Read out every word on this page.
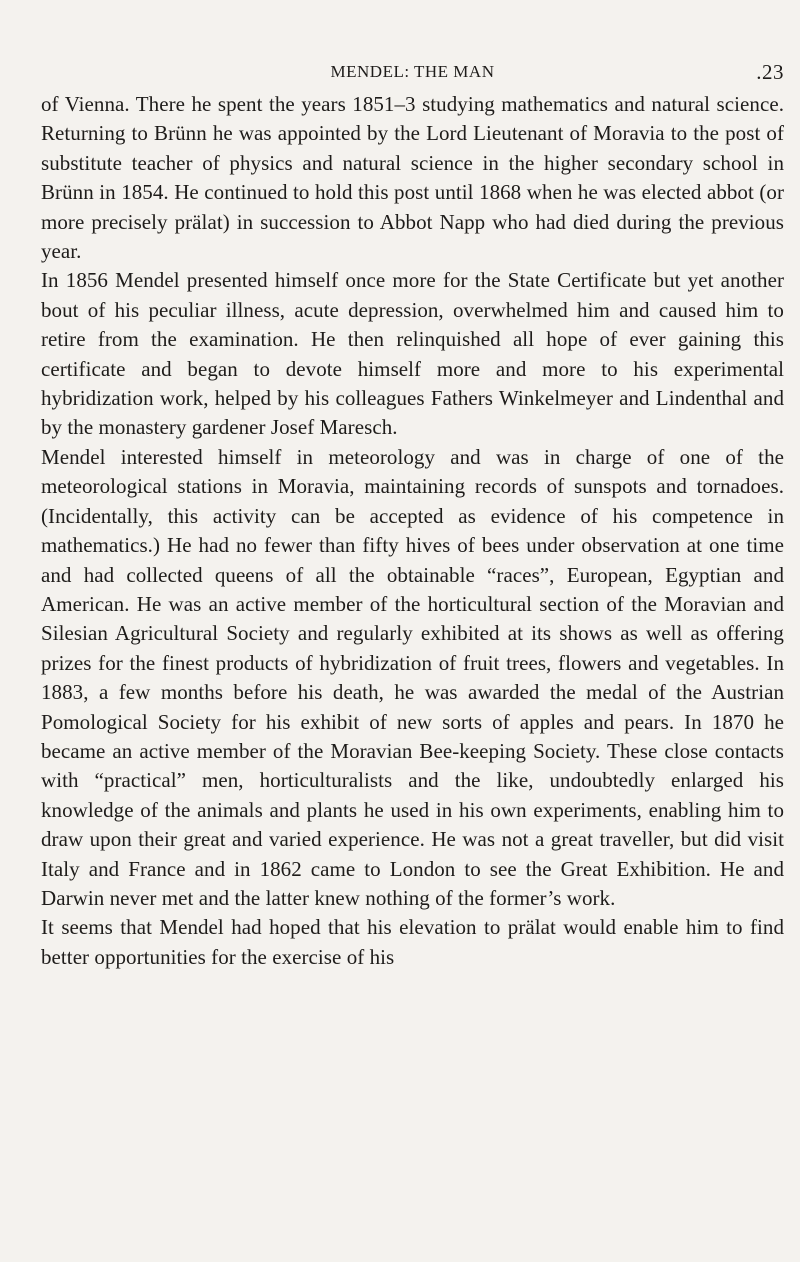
MENDEL: THE MAN	.23

of Vienna. There he spent the years 1851–3 studying mathematics and natural science. Returning to Brünn he was appointed by the Lord Lieutenant of Moravia to the post of substitute teacher of physics and natural science in the higher secondary school in Brünn in 1854. He continued to hold this post until 1868 when he was elected abbot (or more precisely prälat) in succession to Abbot Napp who had died during the previous year.

In 1856 Mendel presented himself once more for the State Certificate but yet another bout of his peculiar illness, acute depression, overwhelmed him and caused him to retire from the examination. He then relinquished all hope of ever gaining this certificate and began to devote himself more and more to his experimental hybridization work, helped by his colleagues Fathers Winkelmeyer and Lindenthal and by the monastery gardener Josef Maresch.

Mendel interested himself in meteorology and was in charge of one of the meteorological stations in Moravia, maintaining records of sunspots and tornadoes. (Incidentally, this activity can be accepted as evidence of his competence in mathematics.) He had no fewer than fifty hives of bees under observation at one time and had collected queens of all the obtainable “races”, European, Egyptian and American. He was an active member of the horticultural section of the Moravian and Silesian Agricultural Society and regularly exhibited at its shows as well as offering prizes for the finest products of hybridization of fruit trees, flowers and vegetables. In 1883, a few months before his death, he was awarded the medal of the Austrian Pomological Society for his exhibit of new sorts of apples and pears. In 1870 he became an active member of the Moravian Bee-keeping Society. These close contacts with “practical” men, horticulturalists and the like, undoubtedly enlarged his knowledge of the animals and plants he used in his own experiments, enabling him to draw upon their great and varied experience. He was not a great traveller, but did visit Italy and France and in 1862 came to London to see the Great Exhibition. He and Darwin never met and the latter knew nothing of the former’s work.

It seems that Mendel had hoped that his elevation to prälat would enable him to find better opportunities for the exercise of his
